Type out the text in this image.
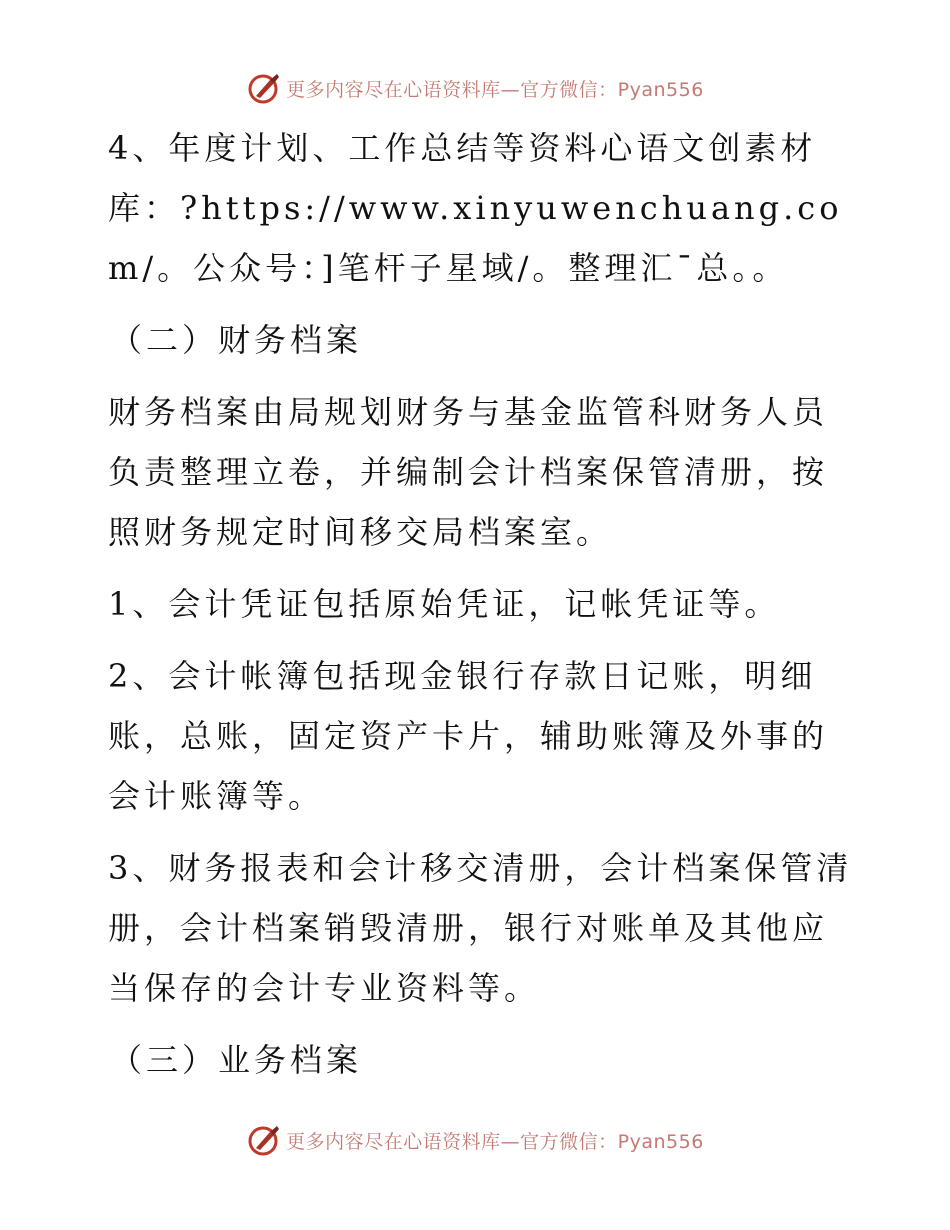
更多内容尽在心语资料库—官方微信：Pyan556

4、年度计划、工作总结等资料心语文创素材库：?https://www.xinyuwenchuang.com/。公众号：]笔杆子星域/。整理汇¯总。。

（二）财务档案

财务档案由局规划财务与基金监管科财务人员负责整理立卷，并编制会计档案保管清册，按照财务规定时间移交局档案室。

1、会计凭证包括原始凭证，记帐凭证等。

2、会计帐簿包括现金银行存款日记账，明细账，总账，固定资产卡片，辅助账簿及外事的会计账簿等。

3、财务报表和会计移交清册，会计档案保管清册，会计档案销毁清册，银行对账单及其他应当保存的会计专业资料等。

（三）业务档案

更多内容尽在心语资料库—官方微信：Pyan556
